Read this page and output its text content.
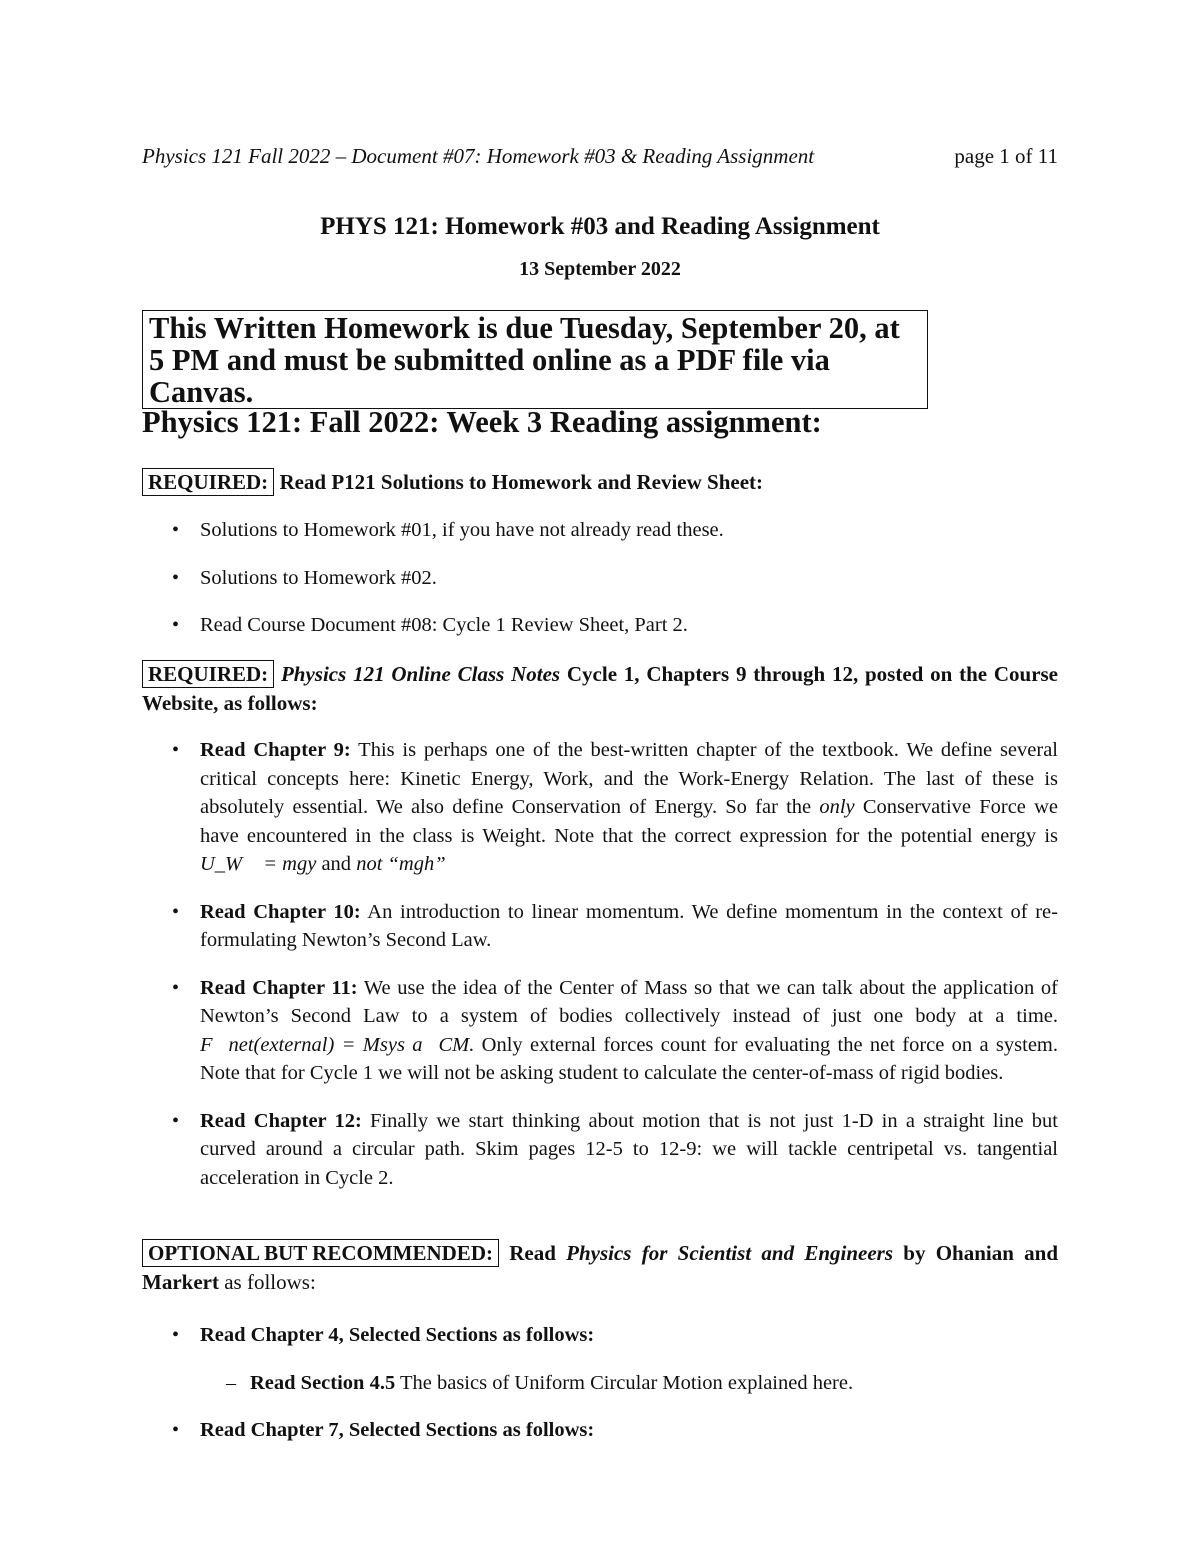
Physics 121 Fall 2022 – Document #07: Homework #03 & Reading Assignment	page 1 of 11
PHYS 121: Homework #03 and Reading Assignment
13 September 2022
This Written Homework is due Tuesday, September 20, at 5 PM and must be submitted online as a PDF file via Canvas.
Physics 121: Fall 2022: Week 3 Reading assignment:
REQUIRED: Read P121 Solutions to Homework and Review Sheet:
• Solutions to Homework #01, if you have not already read these.
• Solutions to Homework #02.
• Read Course Document #08: Cycle 1 Review Sheet, Part 2.
REQUIRED: Physics 121 Online Class Notes Cycle 1, Chapters 9 through 12, posted on the Course Website, as follows:
• Read Chapter 9: This is perhaps one of the best-written chapter of the textbook. We define several critical concepts here: Kinetic Energy, Work, and the Work-Energy Relation. The last of these is absolutely essential. We also define Conservation of Energy. So far the only Conservative Force we have encountered in the class is Weight. Note that the correct expression for the potential energy is U_W⃗ = mgy and not “mgh”
• Read Chapter 10: An introduction to linear momentum. We define momentum in the context of re-formulating Newton’s Second Law.
• Read Chapter 11: We use the idea of the Center of Mass so that we can talk about the application of Newton’s Second Law to a system of bodies collectively instead of just one body at a time. F⃗net(external) = Msys a⃗CM. Only external forces count for evaluating the net force on a system. Note that for Cycle 1 we will not be asking student to calculate the center-of-mass of rigid bodies.
• Read Chapter 12: Finally we start thinking about motion that is not just 1-D in a straight line but curved around a circular path. Skim pages 12-5 to 12-9: we will tackle centripetal vs. tangential acceleration in Cycle 2.
OPTIONAL BUT RECOMMENDED: Read Physics for Scientist and Engineers by Ohanian and Markert as follows:
• Read Chapter 4, Selected Sections as follows:
– Read Section 4.5 The basics of Uniform Circular Motion explained here.
• Read Chapter 7, Selected Sections as follows:
